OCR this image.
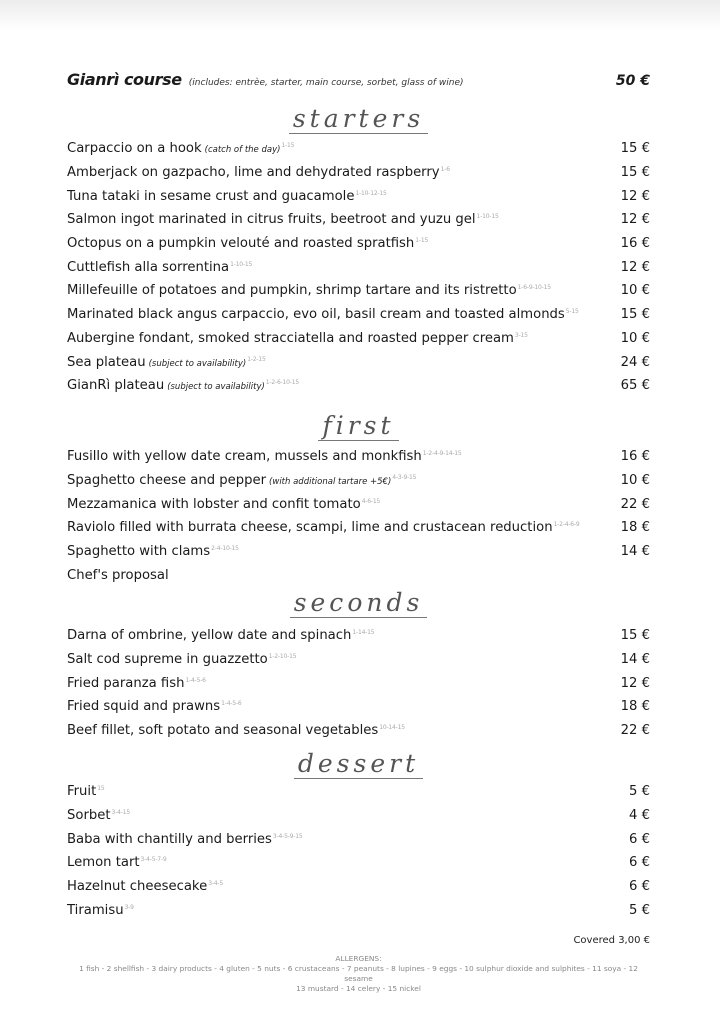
Gianrì course (includes: entrèe, starter, main course, sorbet, glass of wine)	50 €
starters
Carpaccio on a hook (catch of the day)$^{1-15}$	15 €
Amberjack on gazpacho, lime and dehydrated raspberry$^{1-6}$	15 €
Tuna tataki in sesame crust and guacamole$^{1-10-12-15}$	12 €
Salmon ingot marinated in citrus fruits, beetroot and yuzu gel$^{1-10-15}$	12 €
Octopus on a pumpkin velouté and roasted spratfish$^{1-15}$	16 €
Cuttlefish alla sorrentina$^{1-10-15}$	12 €
Millefeuille of potatoes and pumpkin, shrimp tartare and its ristretto$^{1-6-9-10-15}$	10 €
Marinated black angus carpaccio, evo oil, basil cream and toasted almonds$^{5-15}$	15 €
Aubergine fondant, smoked stracciatella and roasted pepper cream$^{3-15}$	10 €
Sea plateau (subject to availability)$^{1-2-15}$	24 €
GianRì plateau (subject to availability)$^{1-2-6-10-15}$	65 €
first
Fusillo with yellow date cream, mussels and monkfish$^{1-2-4-9-14-15}$	16 €
Spaghetto cheese and pepper (with additional tartare +5€)$^{4-3-9-15}$	10 €
Mezzamanica with lobster and confit tomato$^{4-6-15}$	22 €
Raviolo filled with burrata cheese, scampi, lime and crustacean reduction$^{1-2-4-6-9}$	18 €
Spaghetto with clams$^{2-4-10-15}$	14 €
Chef's proposal
seconds
Darna of ombrine, yellow date and spinach$^{1-14-15}$	15 €
Salt cod supreme in guazzetto$^{1-2-10-15}$	14 €
Fried paranza fish$^{1-4-5-6}$	12 €
Fried squid and prawns$^{1-4-5-6}$	18 €
Beef fillet, soft potato and seasonal vegetables$^{10-14-15}$	22 €
dessert
Fruit$^{15}$	5 €
Sorbet$^{3-4-15}$	4 €
Baba with chantilly and berries$^{3-4-5-9-15}$	6 €
Lemon tart$^{3-4-5-7-9}$	6 €
Hazelnut cheesecake$^{3-4-5}$	6 €
Tiramisu$^{3-9}$	5 €
Covered 3,00 €
ALLERGENS:
1 fish - 2 shellfish - 3 dairy products - 4 gluten - 5 nuts - 6 crustaceans - 7 peanuts - 8 lupines - 9 eggs - 10 sulphur dioxide and sulphites - 11 soya - 12 sesame
13 mustard - 14 celery - 15 nickel
